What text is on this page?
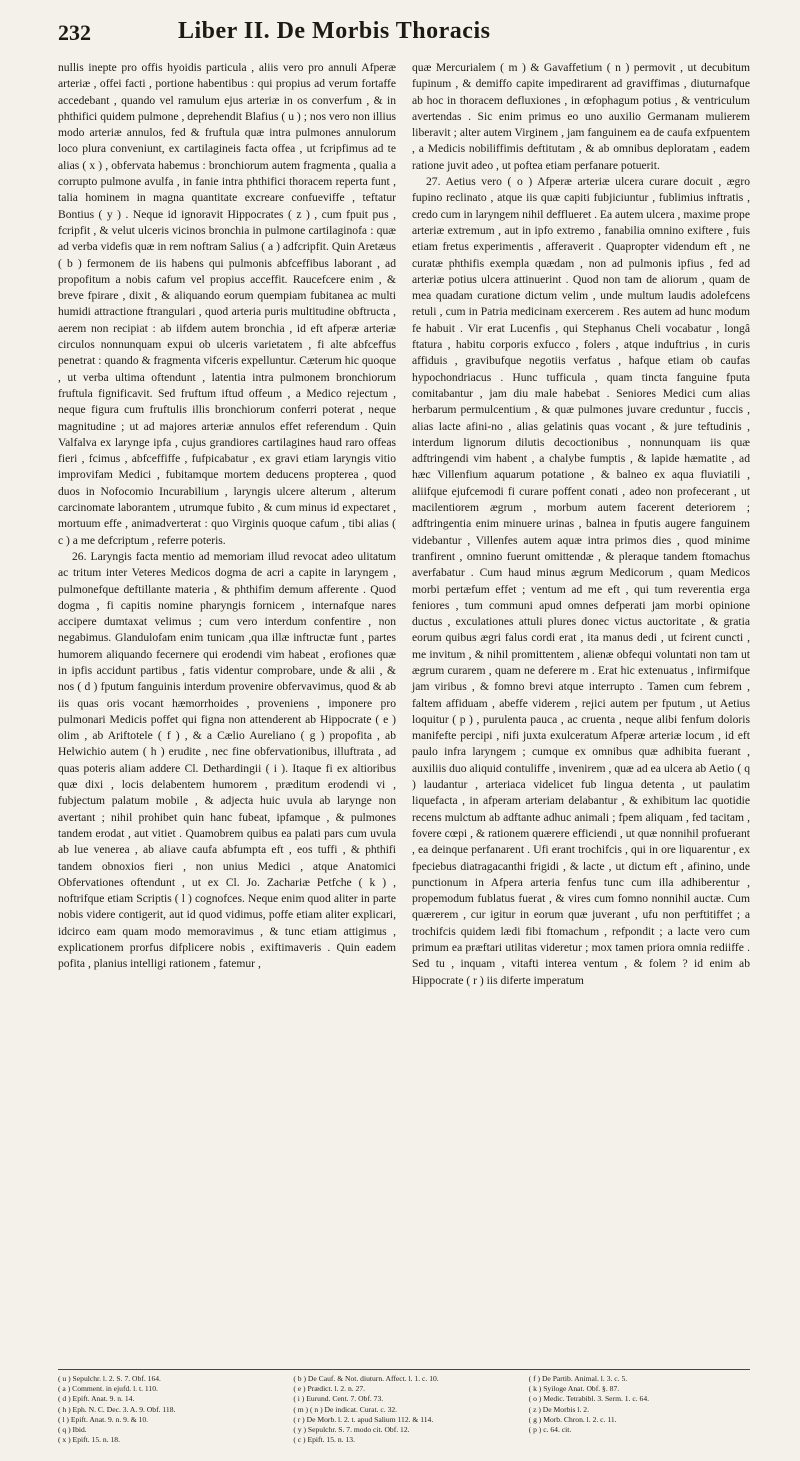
232	Liber II. De Morbis Thoracis

nullis inepte pro offis hyoidis particula , aliis vero pro annuli Afperæ arteriæ , offei facti , portione habentibus : qui propius ad verum fortaffe accedebant , quando vel ramulum ejus arteriæ in os converfum , & in phthifici quidem pulmone , deprehendit Blafius ( u ) ; nos vero non illius modo arteriæ annulos, fed & fruftula quæ intra pulmones annulorum loco plura conveniunt, ex cartilagineis facta offea , ut fcripfimus ad te alias ( x ) , obfervata habemus : bronchiorum autem fragmenta , qualia a corrupto pulmone avulfa , in fanie intra phthifici thoracem reperta funt , talia hominem in magna quantitate excreare confueviffe , teftatur Bontius ( y ) . Neque id ignoravit Hippocrates ( z ) , cum fpuit pus , fcripfit , & velut ulceris vicinos bronchia in pulmone cartilaginofa : quæ ad verba videfis quæ in rem noftram Salius ( a ) adfcripfit. Quin Aretæus ( b ) fermonem de iis habens qui pulmonis abfceffibus laborant , ad propofitum a nobis cafum vel propius acceffit. Raucefcere enim , & breve fpirare , dixit , & aliquando eorum quempiam fubitanea ac multi humidi attractione ftrangulari , quod arteria puris multitudine obftructa , aerem non recipiat : ab iifdem autem bronchia , id eft afperæ arteriæ circulos nonnunquam expui ob ulceris varietatem , fi alte abfceffus penetrat : quando & fragmenta vifceris expelluntur. Cæterum hic quoque , ut verba ultima oftendunt , latentia intra pulmonem bronchiorum fruftula fignificavit. Sed fruftum iftud offeum , a Medico rejectum , neque figura cum fruftulis illis bronchiorum conferri poterat , neque magnitudine ; ut ad majores arteriæ annulos effet referendum . Quin Valfalva ex larynge ipfa , cujus grandiores cartilagines haud raro offeas fieri , fcimus , abfceffiffe , fufpicabatur , ex gravi etiam laryngis vitio improvifam Medici , fubitamque mortem deducens propterea , quod duos in Nofocomio Incurabilium , laryngis ulcere alterum , alterum carcinomate laborantem , utrumque fubito , & cum minus id expectaret , mortuum effe , animadverterat : quo Virginis quoque cafum , tibi alias ( c ) a me defcriptum , referre poteris.

26. Laryngis facta mentio ad memoriam illud revocat adeo ulitatum ac tritum inter Veteres Medicos dogma de acri a capite in laryngem , pulmonefque deftillante materia , & phthifim demum afferente . Quod dogma , fi capitis nomine pharyngis fornicem , internafque nares accipere dumtaxat velimus ; cum vero interdum confentire , non negabimus. Glandulofam enim tunicam ,qua illæ inftructæ funt , partes humorem aliquando fecernere qui erodendi vim habeat , erofiones quæ in ipfis accidunt partibus , fatis videntur comprobare, unde & alii , & nos ( d ) fputum fanguinis interdum provenire obfervavimus, quod & ab iis quas oris vocant hæmorrhoides , proveniens , imponere pro pulmonari Medicis poffet qui figna non attenderent ab Hippocrate ( e ) olim , ab Ariftotele ( f ) , & a Cælio Aureliano ( g ) propofita , ab Helwichio autem ( h ) erudite , nec fine obfervationibus, illuftrata , ad quas poteris aliam addere Cl. Dethardingii ( i ). Itaque fi ex altioribus quæ dixi , locis delabentem humorem , præditum erodendi vi , fubjectum palatum mobile , & adjecta huic uvula ab larynge non avertant ; nihil prohibet quin hanc fubeat, ipfamque , & pulmones tandem erodat , aut vitiet . Quamobrem quibus ea palati pars cum uvula ab lue venerea , ab aliave caufa abfumpta eft , eos tuffi , & phthifi tandem obnoxios fieri , non unius Medici , atque Anatomici Obfervationes oftendunt , ut ex Cl. Jo. Zachariæ Petfche ( k ) , noftrifque etiam Scriptis ( l ) cognofces. Neque enim quod aliter in parte nobis videre contigerit, aut id quod vidimus, poffe etiam aliter explicari, idcirco eam quam modo memoravimus , & tunc etiam attigimus , explicationem prorfus difplicere nobis , exiftimaveris . Quin eadem pofita , planius intelligi rationem , fatemur ,

quæ Mercurialem ( m ) & Gavaffetium ( n ) permovit , ut decubitum fupinum , & demiffo capite impedirarent ad graviffimas , diuturnafque ab hoc in thoracem defluxiones , in œfophagum potius , & ventriculum avertendas . Sic enim primus eo uno auxilio Germanam mulierem liberavit ; alter autem Virginem , jam fanguinem ea de caufa exfpuentem , a Medicis nobiliffimis deftitutam , & ab omnibus deploratam , eadem ratione juvit adeo , ut poftea etiam perfanare potuerit.

27. Aetius vero ( o ) Afperæ arteriæ ulcera curare docuit , ægro fupino reclinato , atque iis quæ capiti fubjiciuntur , fublimius inftratis , credo cum in laryngem nihil defflueret . Ea autem ulcera , maxime prope arteriæ extremum , aut in ipfo extremo , fanabilia omnino exiftere , fuis etiam fretus experimentis , afferaverit . Quapropter videndum eft , ne curatæ phthifis exempla quædam , non ad pulmonis ipfius , fed ad arteriæ potius ulcera attinuerint . Quod non tam de aliorum , quam de mea quadam curatione dictum velim , unde multum laudis adolefcens retuli , cum in Patria medicinam exercerem . Res autem ad hunc modum fe habuit . Vir erat Lucenfis , qui Stephanus Cheli vocabatur , longâ ftatura , habitu corporis exfucco , folers , atque induftrius , in curis affiduis , gravibufque negotiis verfatus , hafque etiam ob caufas hypochondriacus . Hunc tufficula , quam tincta fanguine fputa comitabantur , jam diu male habebat . Seniores Medici cum alias herbarum permulcentium , & quæ pulmones juvare creduntur , fuccis , alias lacte afini-no , alias gelatinis quas vocant , & jure teftudinis , interdum lignorum dilutis decoctionibus , nonnunquam iis quæ adftringendi vim habent , a chalybe fumptis , & lapide hæmatite , ad hæc Villenfium aquarum potatione , & balneo ex aqua fluviatili , aliifque ejufcemodi fi curare poffent conati , adeo non profecerant , ut macilentiorem ægrum , morbum autem facerent deteriorem ; adftringentia enim minuere urinas , balnea in fputis augere fanguinem videbantur , Villenfes autem aquæ intra primos dies , quod minime tranfirent , omnino fuerunt omittendæ , & pleraque tandem ftomachus averfabatur . Cum haud minus ægrum Medicorum , quam Medicos morbi pertæfum effet ; ventum ad me eft , qui tum reverentia erga feniores , tum communi apud omnes defperati jam morbi opinione ductus , exculationes attuli plures donec victus auctoritate , & gratia eorum quibus ægri falus cordi erat , ita manus dedi , ut fcirent cuncti , me invitum , & nihil promittentem , alienæ obfequi voluntati non tam ut ægrum curarem , quam ne deferere m . Erat hic extenuatus , infirmifque jam viribus , & fomno brevi atque interrupto . Tamen cum febrem , faltem affiduam , abeffe viderem , rejici autem per fputum , ut Aetius loquitur ( p ) , purulenta pauca , ac cruenta , neque alibi fenfum doloris manifefte percipi , nifi juxta exulceratum Afperæ arteriæ locum , id eft paulo infra laryngem ; cumque ex omnibus quæ adhibita fuerant , auxiliis duo aliquid contuliffe , invenirem , quæ ad ea ulcera ab Aetio ( q ) laudantur , arteriaca videlicet fub lingua detenta , ut paulatim liquefacta , in afperam arteriam delabantur , & exhibitum lac quotidie recens mulctum ab adftante adhuc animali ; fpem aliquam , fed tacitam , fovere cœpi , & rationem quærere efficiendi , ut quæ nonnihil profuerant , ea deinque perfanarent . Ufi erant trochifcis , qui in ore liquarentur , ex fpeciebus diatragacanthi frigidi , & lacte , ut dictum eft , afinino, unde punctionum in Afpera arteria fenfus tunc cum illa adhiberentur , propemodum fublatus fuerat , & vires cum fomno nonnihil auctæ. Cum quærerem , cur igitur in eorum quæ juverant , ufu non perftitiffet ; a trochifcis quidem lædi fibi ftomachum , refpondit ; a lacte vero cum primum ea præftari utilitas videretur ; mox tamen priora omnia rediiffe . Sed tu , inquam , vitafti interea ventum , & folem ? id enim ab Hippocrate ( r ) iis diferte imperatum

( u ) Sepulchr. l. 2. S. 7. Obf. 164.

( a ) Comment. in ejufd. l. t. 110.

( d ) Epift. Anat. 9. n. 14.

( h ) Eph. N. C. Dec. 3. A. 9. Obf. 118.

( l ) Epift. Anat. 9. n. 9. & 10.

( q ) Ibid.

( x ) Epift. 15. n. 18.

( b ) De Cauf. & Not. diuturn. Affect. l. 1. c. 10.

( e ) Prædict. l. 2. n. 27.

( i ) Eurund. Cent. 7. Obf. 73.

( m ) ( n ) De indicat. Curat. c. 32.

( r ) De Morb. l. 2. t. apud Salium 112. & 114.

( y ) Sepulchr. S. 7. modo cit. Obf. 12.

( c ) Epift. 15. n. 13.

( f ) De Partib. Animal. l. 3. c. 5.

( k ) Syiloge Anat. Obf. §. 87.

( o ) Medic. Tetrabibl. 3. Serm. 1. c. 64.

( z ) De Morbis l. 2.

( g ) Morb. Chron. l. 2. c. 11.

( p ) c. 64. cit.
